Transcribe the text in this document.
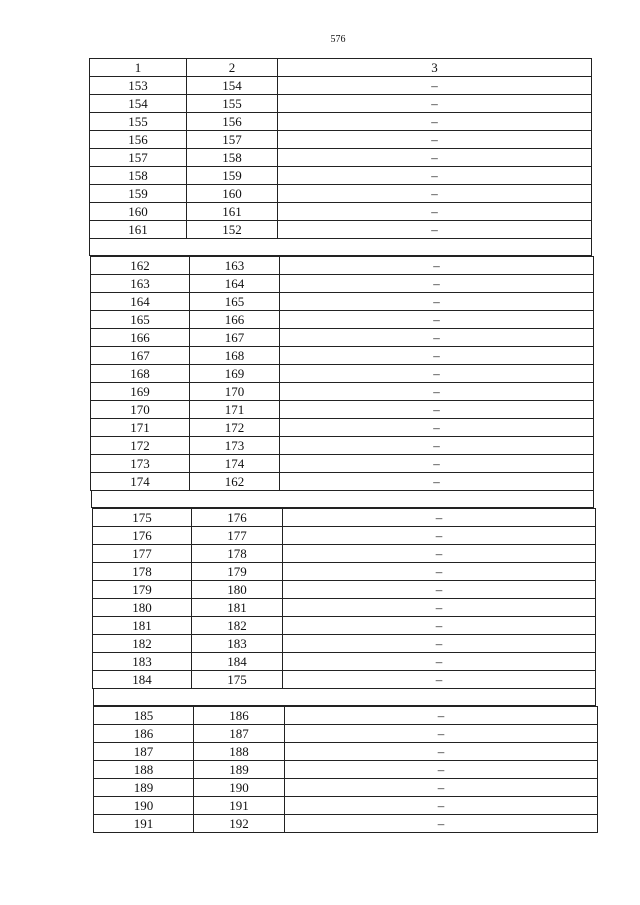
576
1	2	3
153	154	–
154	155	–
155	156	–
156	157	–
157	158	–
158	159	–
159	160	–
160	161	–
161	152	–
162	163	–
163	164	–
164	165	–
165	166	–
166	167	–
167	168	–
168	169	–
169	170	–
170	171	–
171	172	–
172	173	–
173	174	–
174	162	–
175	176	–
176	177	–
177	178	–
178	179	–
179	180	–
180	181	–
181	182	–
182	183	–
183	184	–
184	175	–
185	186	–
186	187	–
187	188	–
188	189	–
189	190	–
190	191	–
191	192	–
